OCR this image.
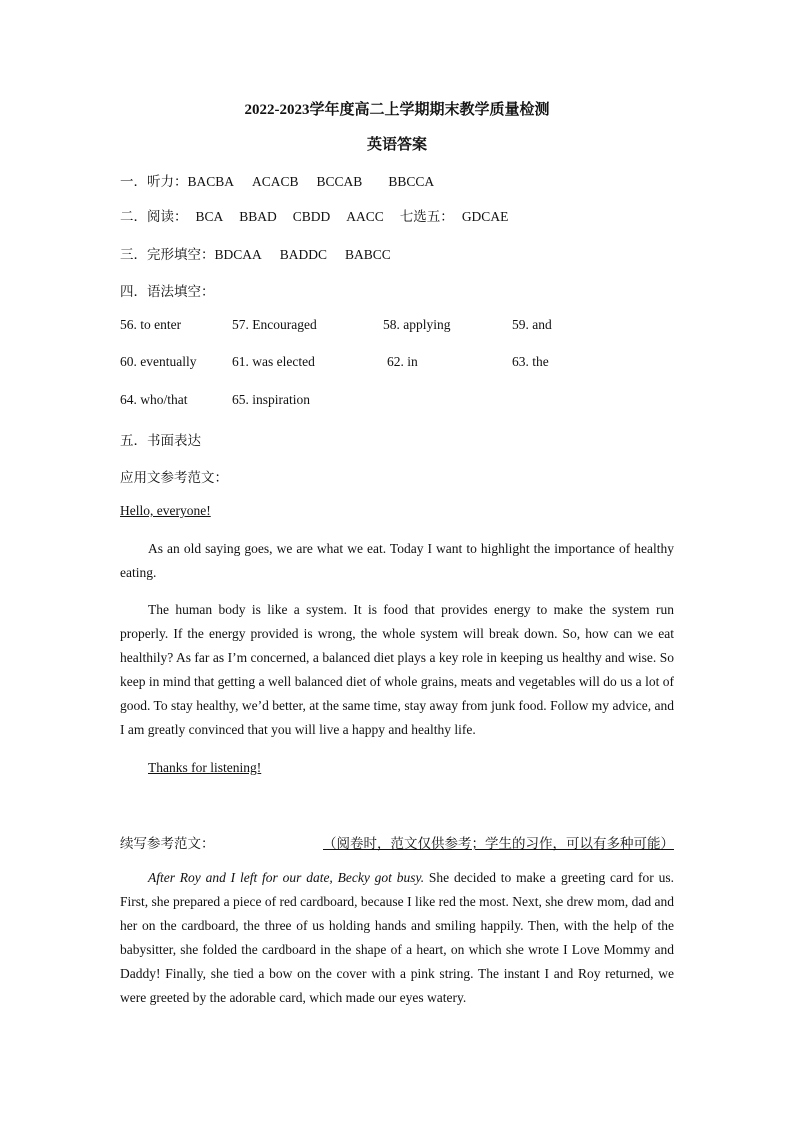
2022-2023学年度高二上学期期末教学质量检测
英语答案
一．听力：BACBA ACACB BCCAB BBCCA
二．阅读： BCA BBAD CBDD AACC 七选五： GDCAE
三．完形填空：BDCAA BADDC BABCC
四．语法填空：
56. to enter	57. Encouraged	58. applying	59. and
60. eventually	61. was elected	62. in	63. the
64. who/that	65. inspiration
五．书面表达
应用文参考范文：
Hello, everyone!
As an old saying goes, we are what we eat. Today I want to highlight the importance of healthy eating.
The human body is like a system. It is food that provides energy to make the system run properly. If the energy provided is wrong, the whole system will break down. So, how can we eat healthily? As far as I’m concerned, a balanced diet plays a key role in keeping us healthy and wise. So keep in mind that getting a well balanced diet of whole grains, meats and vegetables will do us a lot of good. To stay healthy, we’d better, at the same time, stay away from junk food. Follow my advice, and I am greatly convinced that you will live a happy and healthy life.
Thanks for listening!
续写参考范文：	（阅卷时，范文仅供参考；学生的习作，可以有多种可能）
After Roy and I left for our date, Becky got busy. She decided to make a greeting card for us. First, she prepared a piece of red cardboard, because I like red the most. Next, she drew mom, dad and her on the cardboard, the three of us holding hands and smiling happily. Then, with the help of the babysitter, she folded the cardboard in the shape of a heart, on which she wrote I Love Mommy and Daddy! Finally, she tied a bow on the cover with a pink string. The instant I and Roy returned, we were greeted by the adorable card, which made our eyes watery.
